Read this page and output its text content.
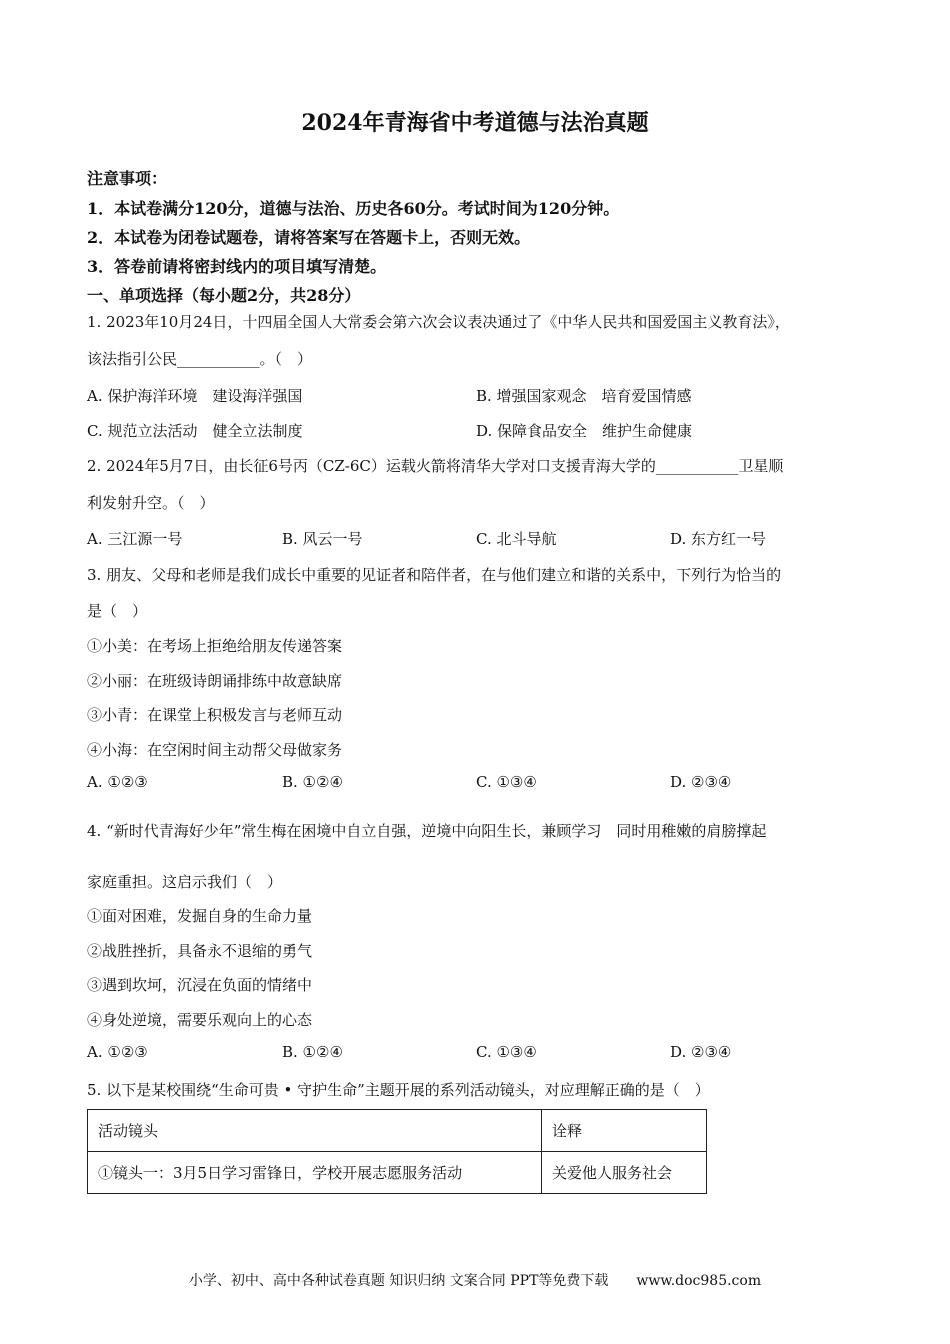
2024年青海省中考道德与法治真题
注意事项：
1．本试卷满分120分，道德与法治、历史各60分。考试时间为120分钟。
2．本试卷为闭卷试题卷，请将答案写在答题卡上，否则无效。
3．答卷前请将密封线内的项目填写清楚。
一、单项选择（每小题2分，共28分）
1. 2023年10月24日，十四届全国人大常委会第六次会议表决通过了《中华人民共和国爱国主义教育法》，
该法指引公民___________。（　）
A. 保护海洋环境　建设海洋强国	B. 增强国家观念　培育爱国情感
C. 规范立法活动　健全立法制度	D. 保障食品安全　维护生命健康
2. 2024年5月7日，由长征6号丙（CZ-6C）运载火箭将清华大学对口支援青海大学的___________卫星顺
利发射升空。（　）
A. 三江源一号	B. 风云一号	C. 北斗导航	D. 东方红一号
3. 朋友、父母和老师是我们成长中重要的见证者和陪伴者，在与他们建立和谐的关系中，下列行为恰当的
是（　）
①小美：在考场上拒绝给朋友传递答案
②小丽：在班级诗朗诵排练中故意缺席
③小青：在课堂上积极发言与老师互动
④小海：在空闲时间主动帮父母做家务
A. ①②③	B. ①②④	C. ①③④	D. ②③④
4. “新时代青海好少年”常生梅在困境中自立自强，逆境中向阳生长，兼顾学习　同时用稚嫩的肩膀撑起
家庭重担。这启示我们（　）
①面对困难，发掘自身的生命力量
②战胜挫折，具备永不退缩的勇气
③遇到坎坷，沉浸在负面的情绪中
④身处逆境，需要乐观向上的心态
A. ①②③	B. ①②④	C. ①③④	D. ②③④
5. 以下是某校围绕“生命可贵 • 守护生命”主题开展的系列活动镜头，对应理解正确的是（　）
活动镜头	诠释
①镜头一：3月5日学习雷锋日，学校开展志愿服务活动	关爱他人服务社会
小学、初中、高中各种试卷真题 知识归纳 文案合同 PPT等免费下载　　www.doc985.com
